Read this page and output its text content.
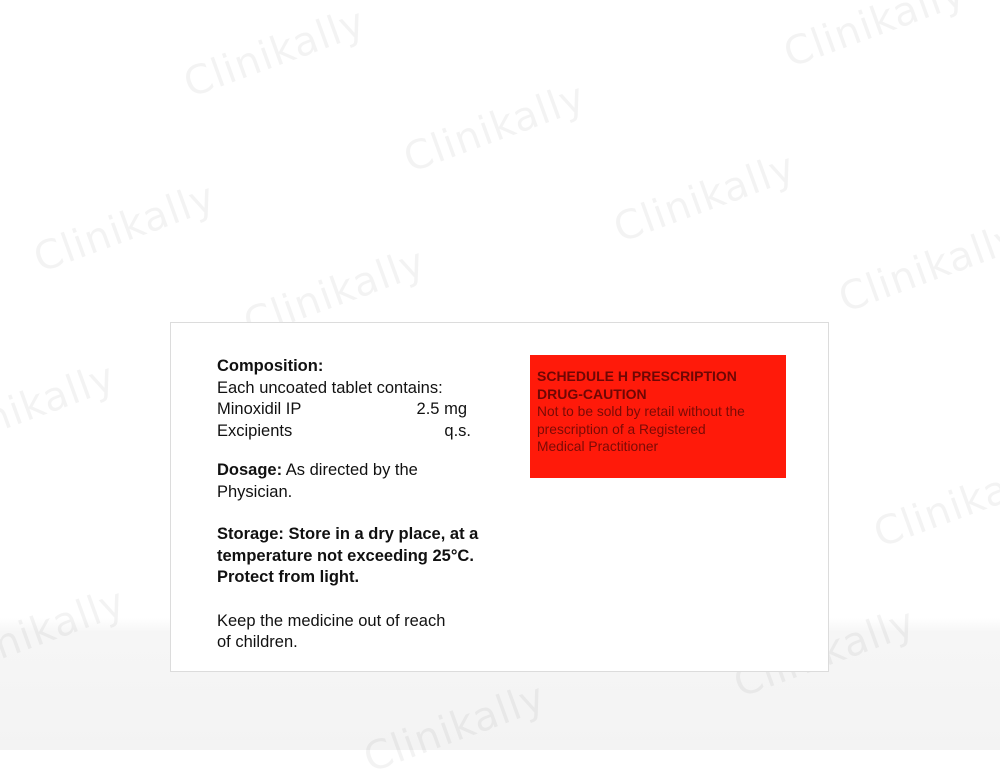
Composition:
Each uncoated tablet contains:
Minoxidil IP	2.5 mg
Excipients	q.s.
Dosage: As directed by the Physician.
Storage: Store in a dry place, at a
temperature not exceeding 25°C.
Protect from light.
Keep the medicine out of reach
of children.
SCHEDULE H PRESCRIPTION
DRUG-CAUTION
Not to be sold by retail without the
prescription of a Registered
Medical Practitioner
